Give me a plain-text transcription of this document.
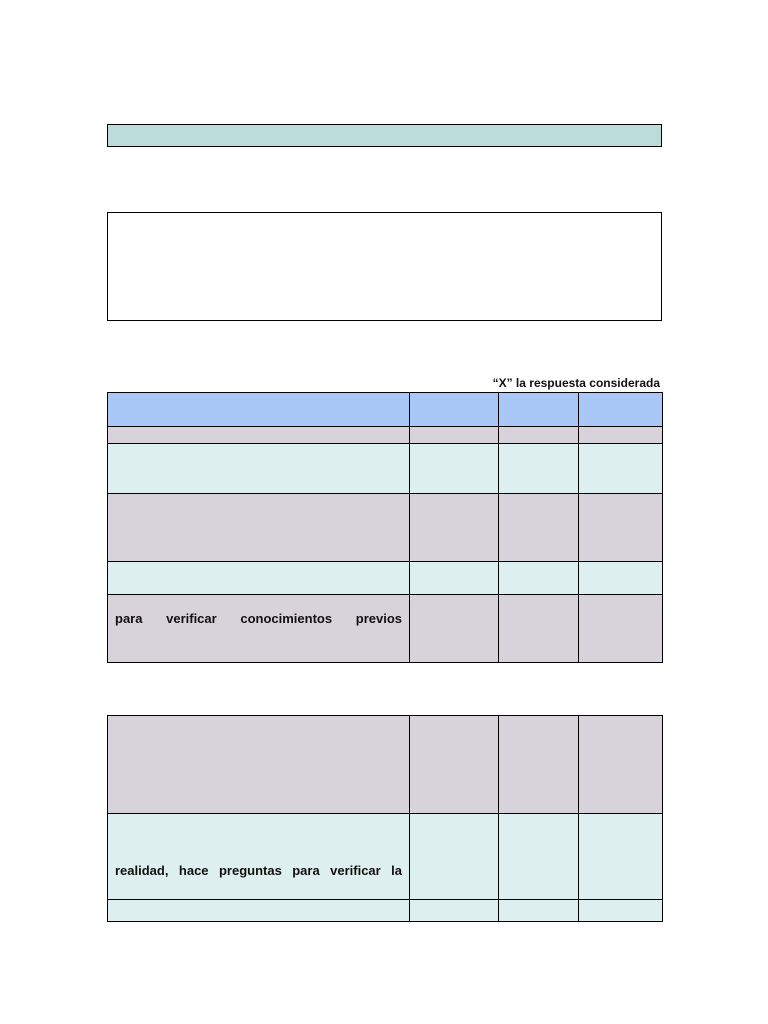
“X” la respuesta considerada

para verificar conocimientos previos			

realidad, hace preguntas para verificar la			
